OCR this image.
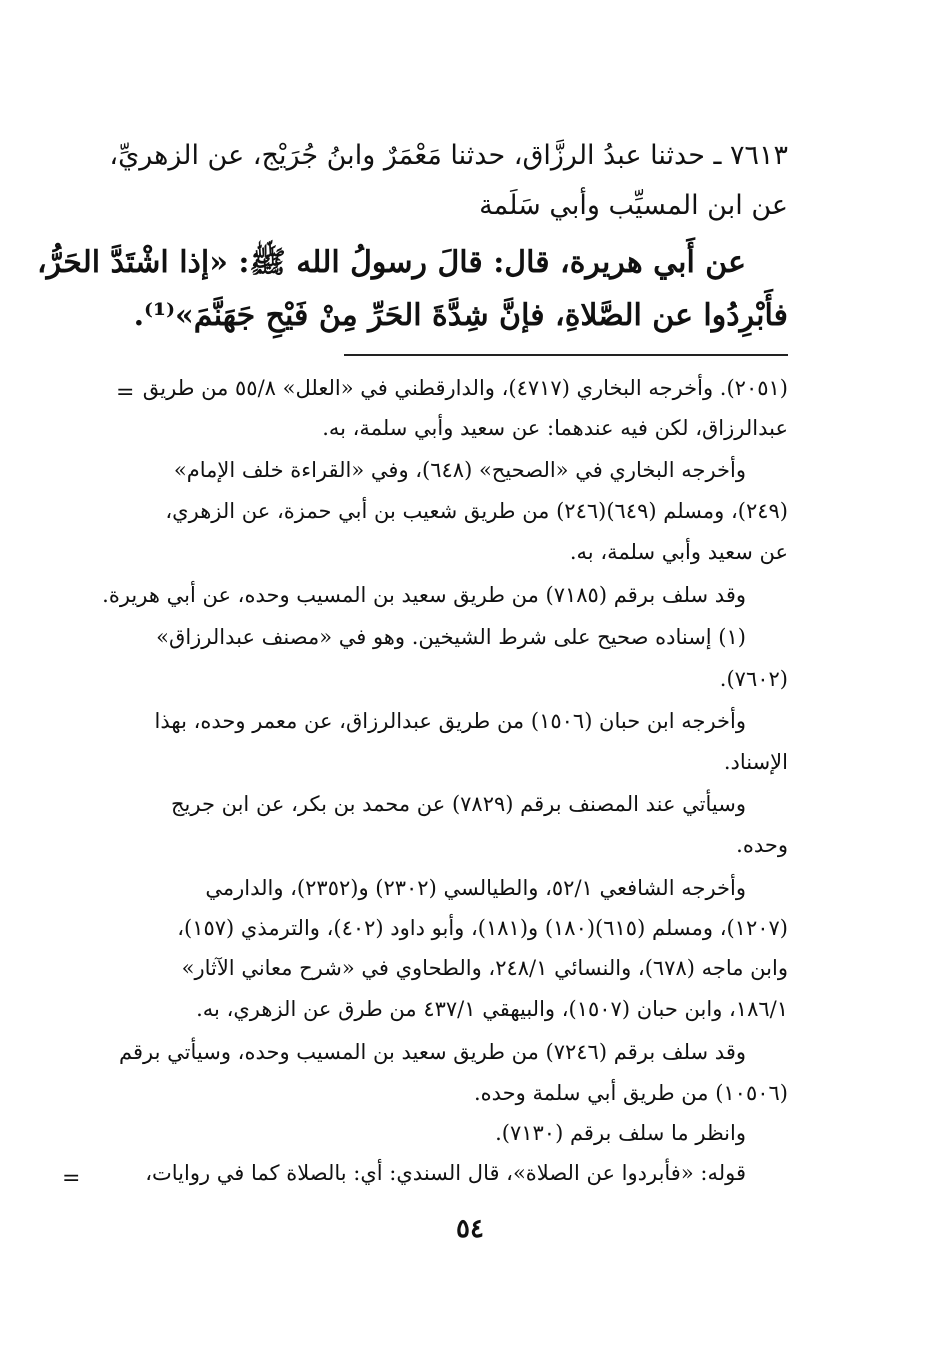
٧٦١٣ ـ حدثنا عبدُ الرزَّاق، حدثنا مَعْمَرٌ وابنُ جُرَيْج، عن الزهريِّ،
عن ابن المسيِّب وأبي سَلَمة
عن أَبي هريرة، قال: قالَ رسولُ الله ﷺ: «إذا اشْتَدَّ الحَرُّ،
فأَبْرِدُوا عن الصَّلاةِ، فإنَّ شِدَّةَ الحَرِّ مِنْ فَيْحِ جَهَنَّمَ»⁽¹⁾.
= (٢٠٥١). وأخرجه البخاري (٤٧١٧)، والدارقطني في «العلل» ٥٥/٨ من طريق
عبدالرزاق، لكن فيه عندهما: عن سعيد وأبي سلمة، به.
وأخرجه البخاري في «الصحيح» (٦٤٨)، وفي «القراءة خلف الإمام»
(٢٤٩)، ومسلم (٦٤٩)(٢٤٦) من طريق شعيب بن أبي حمزة، عن الزهري،
عن سعيد وأبي سلمة، به.
وقد سلف برقم (٧١٨٥) من طريق سعيد بن المسيب وحده، عن أبي هريرة.
(١) إسناده صحيح على شرط الشيخين. وهو في «مصنف عبدالرزاق»
(٧٦٠٢).
وأخرجه ابن حبان (١٥٠٦) من طريق عبدالرزاق، عن معمر وحده، بهذا
الإسناد.
وسيأتي عند المصنف برقم (٧٨٢٩) عن محمد بن بكر، عن ابن جريج
وحده.
وأخرجه الشافعي ٥٢/١، والطيالسي (٢٣٠٢) و(٢٣٥٢)، والدارمي
(١٢٠٧)، ومسلم (٦١٥)(١٨٠) و(١٨١)، وأبو داود (٤٠٢)، والترمذي (١٥٧)،
وابن ماجه (٦٧٨)، والنسائي ٢٤٨/١، والطحاوي في «شرح معاني الآثار»
١٨٦/١، وابن حبان (١٥٠٧)، والبيهقي ٤٣٧/١ من طرق عن الزهري، به.
وقد سلف برقم (٧٢٤٦) من طريق سعيد بن المسيب وحده، وسيأتي برقم
(١٠٥٠٦) من طريق أبي سلمة وحده.
وانظر ما سلف برقم (٧١٣٠).
قوله: «فأبردوا عن الصلاة»، قال السندي: أي: بالصلاة كما في روايات،
=
٥٤
